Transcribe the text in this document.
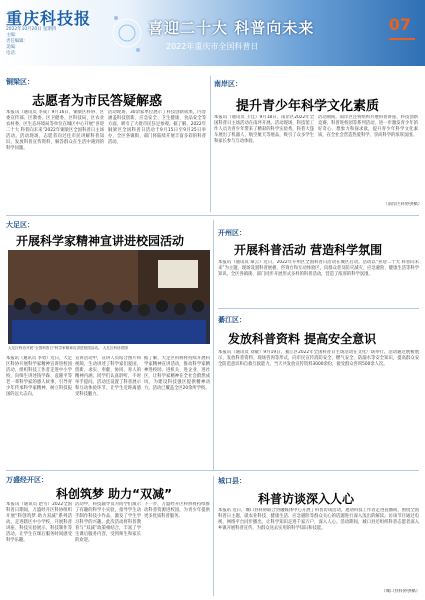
重庆科技报
2022年10月20日 星期四
主编：
责任编辑：
美编：
电话：
喜迎二十大 科普向未来
2022年重庆市全国科普日
07
铜梁区：
志愿者为市民答疑解惑
本报讯（通讯员 李成）9月16日，铜梁区科协、区委宣传部、区教委、区卫健委、区科技局、区农业农村委、区生态环境局等单位在城区中心开展“喜迎二十大 科普向未来”2022年铜梁区全国科普日主场活动。活动现场，志愿者向过往市民讲解科普知识，发放科普宣传资料，解答群众在生活中遇到的科学问题。
活动现场，30余家单位展示了科技创新成果，内容涵盖科技创新、应急安全、卫生健康、食品安全等方面，吸引了大批市民驻足参观。据了解，2022年铜梁区全国科普日活动于9月15日至9月25日举办，全区各镇街、部门将陆续开展丰富多彩的科普活动。
南岸区：
提升青少年科学文化素质
本报讯（通讯员 王佳）9月18日，南岸区2022年全国科普日主场活动在南坪开展。活动现场，科技馆工作人员为青少年带来了精彩的科学实验秀，科普大篷车展出了机器人、航空航天等展品，吸引了众多学生和家长参与互动体验。
活动期间，南岸区还将组织开展科普讲座、科技创新竞赛、科普进校园等系列活动，进一步激发青少年的好奇心、想象力和探求欲，提升青少年科学文化素质，在全社会营造热爱科学、崇尚科学的浓厚氛围。
（南岸区科协供稿）
大足区：
开展科学家精神宣讲进校园活动
大足区科协开展“全国科普日”科学家精神宣讲进校园活动。 大足区科协供图
本报讯（通讯员 李勇）近日，大足区科协开展科学家精神宣讲进校园活动，组织科技工作者走进中小学校，向师生讲述钱学森、袁隆平等老一辈科学家的感人故事，引导青少年传承科学家精神，树立科技报国的远大志向。
宣讲活动中，宣讲人员结合图片和视频，生动讲述了科学家们爱国、创新、求实、奉献、协同、育人的精神内涵，同学们认真聆听，不时举手提问。活动还设置了科普展示和互动体验环节，让学生近距离感受科技魅力。
据了解，大足区科协将持续开展科学家精神宣讲活动，推动科学家精神进校园、进机关、进企业、进社区，让科学家精神在全社会蔚然成风，为建设科技强区提供精神动力。活动已覆盖全区20余所学校。
开州区：
开展科普活动 营造科学氛围
本报讯（通讯员 谭云）近日，2022年开州区全国科普日活动在城区启动。活动以“喜迎二十大 科普向未来”为主题，现场设置科普展板、咨询台和互动体验区，向群众普及防灾减灾、应急避险、健康生活等科学知识。全区各镇街、部门同步开展形式多样的科普活动，营造了浓厚的科学氛围。
綦江区：
发放科普资料 提高安全意识
本报讯（通讯员 刘敏）9月19日，綦江区2022年全国科普日主场活动在文化广场举行。活动通过展板展示、发放科普资料、现场咨询等形式，向市民宣传消防安全、燃气安全、防溺水等安全知识，提高群众安全防范意识和自救互救能力。当天共发放宣传资料3000余份，接受群众咨询500余人次。
万盛经开区：
科创筑梦 助力“双减”
本报讯（通讯员 赵雪）2022全国科普日期间，万盛经开区科协组织开展“科创筑梦 助力双减”系列活动，走进辖区中小学校，开展科普讲座、科技实验展示、科技制作等活动，让学生在课后服务时间感受科学乐趣。
活动中，科技辅导员为同学们演示了有趣的科学小实验，指导学生动手制作科技小作品，激发了学生学习科学的兴趣。此次活动将科普教育与“双减”政策相结合，丰富了学生课后服务内容，受到师生和家长的欢迎。
下一步，万盛经开区科协将持续推动科普资源进校园，为青少年提供更多优质科普服务。
城口县：
科普访谈深入人心
本报讯 近日，城口县科协联合县融媒体中心开展了科普访谈活动，邀请科技工作者走进直播间，围绕全国科普日主题，就农业科技、健康生活、应急避险等群众关心的话题进行深入浅出的解读。访谈节目通过电视、网络平台同步播出，让科学知识走进千家万户，深入人心。活动期间，城口县还组织科普志愿者深入乡镇开展科普宣传，为群众送去实用的科学知识和技能。
（城口县科协供稿）
